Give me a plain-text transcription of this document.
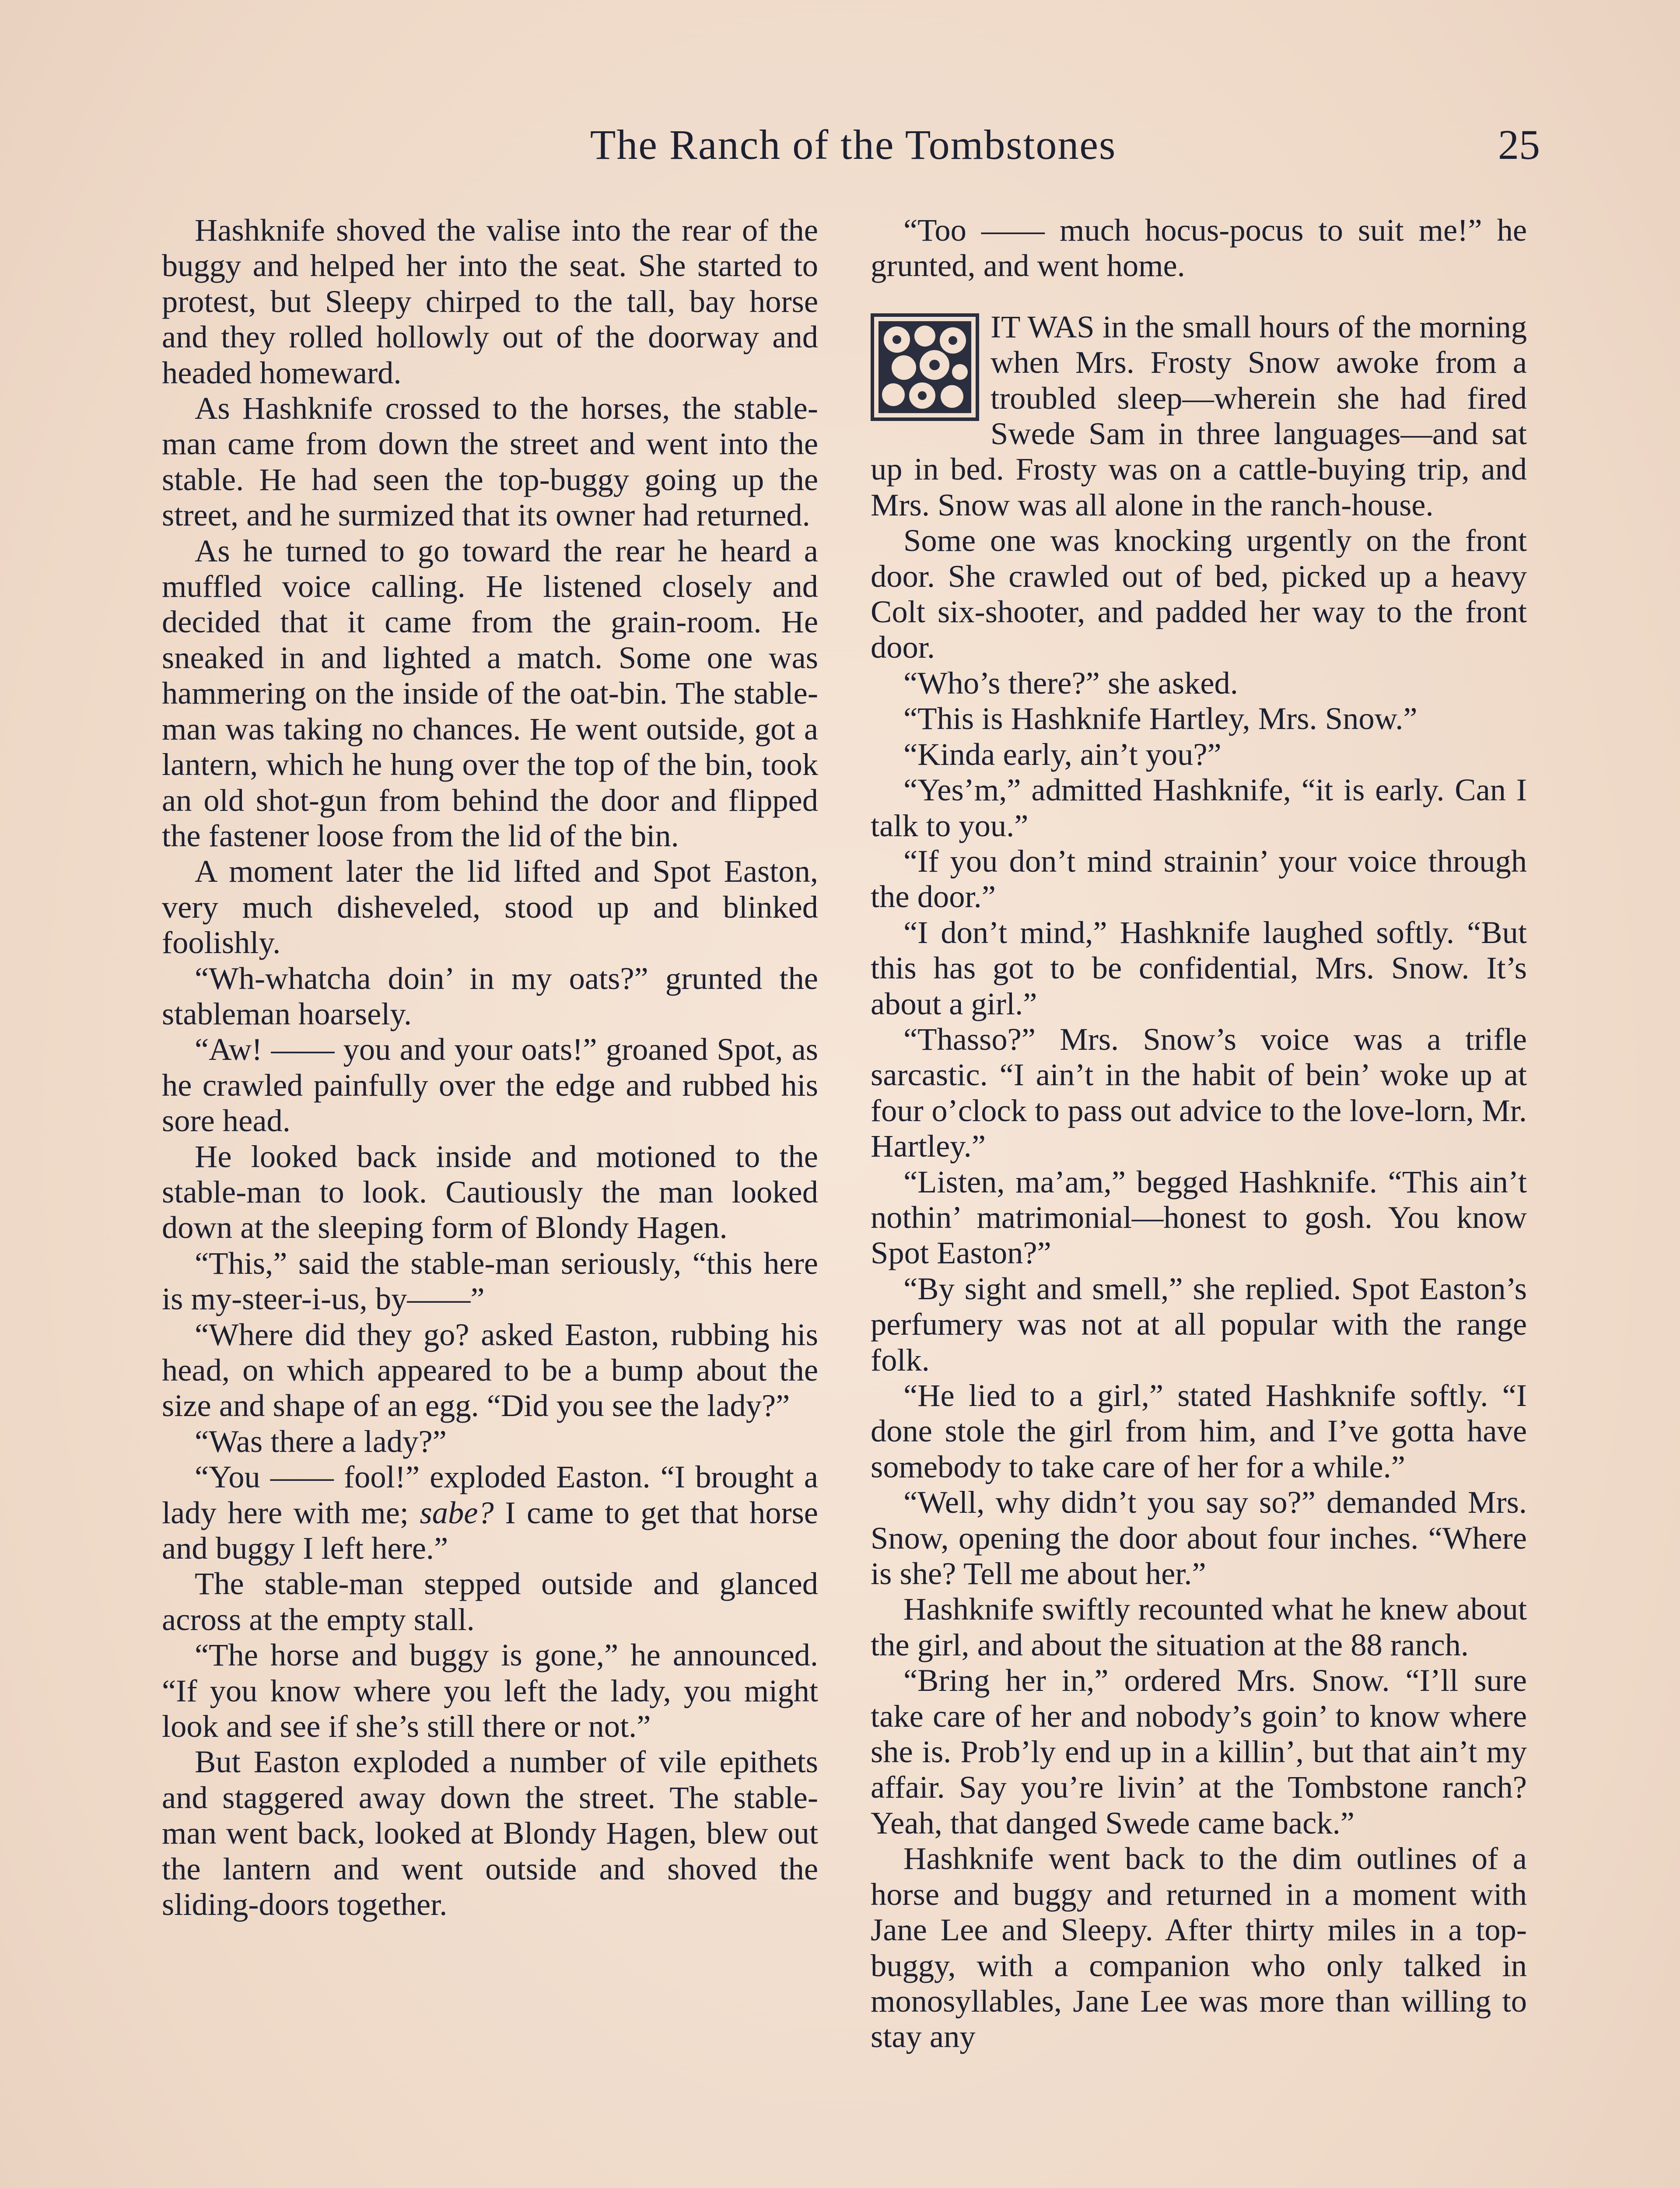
The Ranch of the Tombstones	25

Hashknife shoved the valise into the rear of the buggy and helped her into the seat. She started to protest, but Sleepy chirped to the tall, bay horse and they rolled hollowly out of the doorway and headed homeward.

As Hashknife crossed to the horses, the stable-man came from down the street and went into the stable. He had seen the top-buggy going up the street, and he surmized that its owner had returned.

As he turned to go toward the rear he heard a muffled voice calling. He listened closely and decided that it came from the grain-room. He sneaked in and lighted a match. Some one was hammering on the inside of the oat-bin. The stable-man was taking no chances. He went outside, got a lantern, which he hung over the top of the bin, took an old shot-gun from behind the door and flipped the fastener loose from the lid of the bin.

A moment later the lid lifted and Spot Easton, very much disheveled, stood up and blinked foolishly.

“Wh-whatcha doin’ in my oats?” grunted the stableman hoarsely.

“Aw! —— you and your oats!” groaned Spot, as he crawled painfully over the edge and rubbed his sore head.

He looked back inside and motioned to the stable-man to look. Cautiously the man looked down at the sleeping form of Blondy Hagen.

“This,” said the stable-man seriously, “this here is my-steer-i-us, by——”

“Where did they go? asked Easton, rubbing his head, on which appeared to be a bump about the size and shape of an egg. “Did you see the lady?”

“Was there a lady?”

“You —— fool!” exploded Easton. “I brought a lady here with me; sabe? I came to get that horse and buggy I left here.”

The stable-man stepped outside and glanced across at the empty stall.

“The horse and buggy is gone,” he announced. “If you know where you left the lady, you might look and see if she’s still there or not.”

But Easton exploded a number of vile epithets and staggered away down the street. The stable-man went back, looked at Blondy Hagen, blew out the lantern and went outside and shoved the sliding-doors together.

“Too —— much hocus-pocus to suit me!” he grunted, and went home.

IT WAS in the small hours of the morning when Mrs. Frosty Snow awoke from a troubled sleep—wherein she had fired Swede Sam in three languages—and sat up in bed. Frosty was on a cattle-buying trip, and Mrs. Snow was all alone in the ranch-house.

Some one was knocking urgently on the front door. She crawled out of bed, picked up a heavy Colt six-shooter, and padded her way to the front door.

“Who’s there?” she asked.

“This is Hashknife Hartley, Mrs. Snow.”

“Kinda early, ain’t you?”

“Yes’m,” admitted Hashknife, “it is early. Can I talk to you.”

“If you don’t mind strainin’ your voice through the door.”

“I don’t mind,” Hashknife laughed softly. “But this has got to be confidential, Mrs. Snow. It’s about a girl.”

“Thasso?” Mrs. Snow’s voice was a trifle sarcastic. “I ain’t in the habit of bein’ woke up at four o’clock to pass out advice to the love-lorn, Mr. Hartley.”

“Listen, ma’am,” begged Hashknife. “This ain’t nothin’ matrimonial—honest to gosh. You know Spot Easton?”

“By sight and smell,” she replied. Spot Easton’s perfumery was not at all popular with the range folk.

“He lied to a girl,” stated Hashknife softly. “I done stole the girl from him, and I’ve gotta have somebody to take care of her for a while.”

“Well, why didn’t you say so?” demanded Mrs. Snow, opening the door about four inches. “Where is she? Tell me about her.”

Hashknife swiftly recounted what he knew about the girl, and about the situation at the 88 ranch.

“Bring her in,” ordered Mrs. Snow. “I’ll sure take care of her and nobody’s goin’ to know where she is. Prob’ly end up in a killin’, but that ain’t my affair. Say you’re livin’ at the Tombstone ranch? Yeah, that danged Swede came back.”

Hashknife went back to the dim outlines of a horse and buggy and returned in a moment with Jane Lee and Sleepy. After thirty miles in a top-buggy, with a companion who only talked in monosyllables, Jane Lee was more than willing to stay any
